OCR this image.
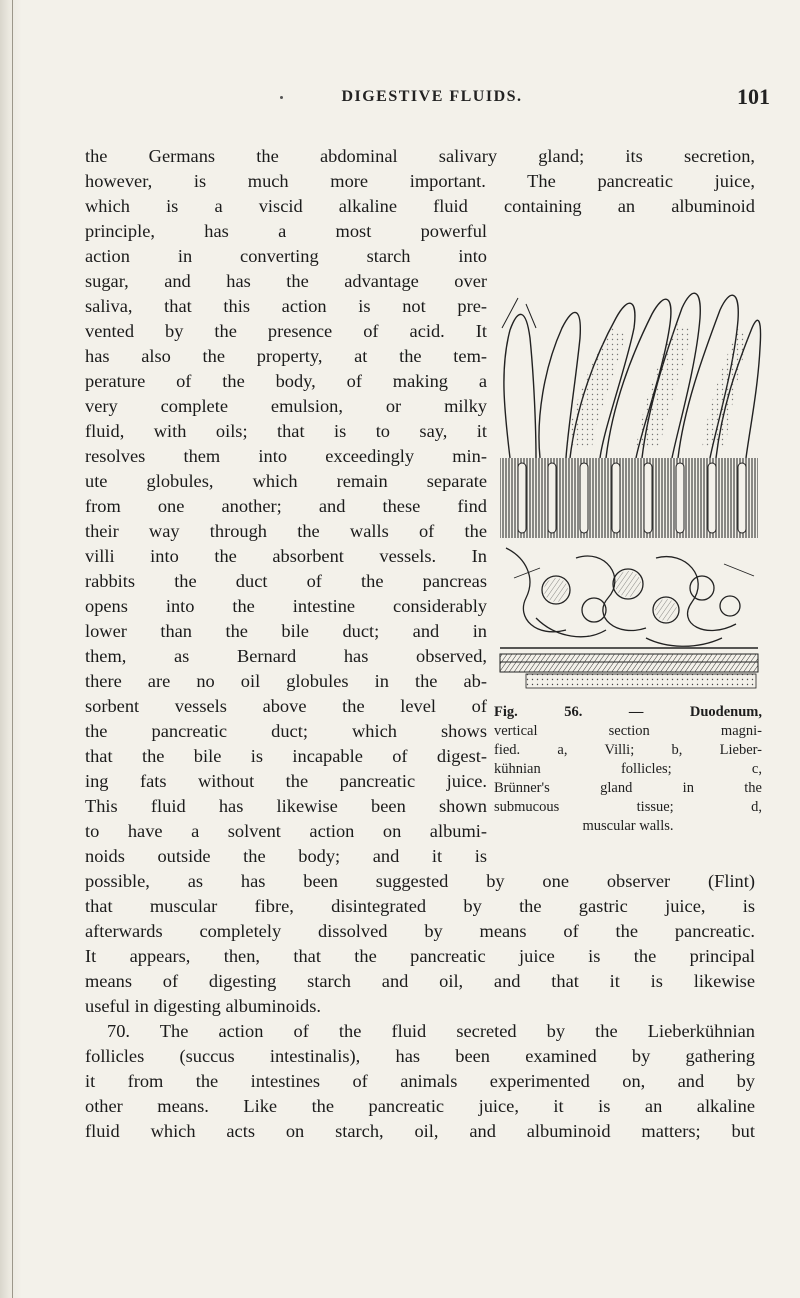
DIGESTIVE FLUIDS.	101
the Germans the abdominal salivary gland; its secretion,
however, is much more important. The pancreatic juice,
which is a viscid alkaline fluid containing an albuminoid
principle, has a most powerful
action in converting starch into
sugar, and has the advantage over
saliva, that this action is not pre-
vented by the presence of acid. It
has also the property, at the tem-
perature of the body, of making a
very complete emulsion, or milky
fluid, with oils; that is to say, it
resolves them into exceedingly min-
ute globules, which remain separate
from one another; and these find
their way through the walls of the
villi into the absorbent vessels. In
rabbits the duct of the pancreas
opens into the intestine considerably
lower than the bile duct; and in
them, as Bernard has observed,
there are no oil globules in the ab-
sorbent vessels above the level of
the pancreatic duct; which shows
that the bile is incapable of digest-
ing fats without the pancreatic juice.
This fluid has likewise been shown
to have a solvent action on albumi-
noids outside the body; and it is
possible, as has been suggested by one observer (Flint)
that muscular fibre, disintegrated by the gastric juice, is
afterwards completely dissolved by means of the pancreatic.
It appears, then, that the pancreatic juice is the principal
means of digesting starch and oil, and that it is likewise
useful in digesting albuminoids.
70. The action of the fluid secreted by the Lieberkühnian
follicles (succus intestinalis), has been examined by gathering
it from the intestines of animals experimented on, and by
other means. Like the pancreatic juice, it is an alkaline
fluid which acts on starch, oil, and albuminoid matters; but
Fig. 56. — Duodenum,
vertical section magni-
fied. a, Villi; b, Lieber-
kühnian follicles; c,
Brünner's gland in the
submucous tissue; d,
muscular walls.
